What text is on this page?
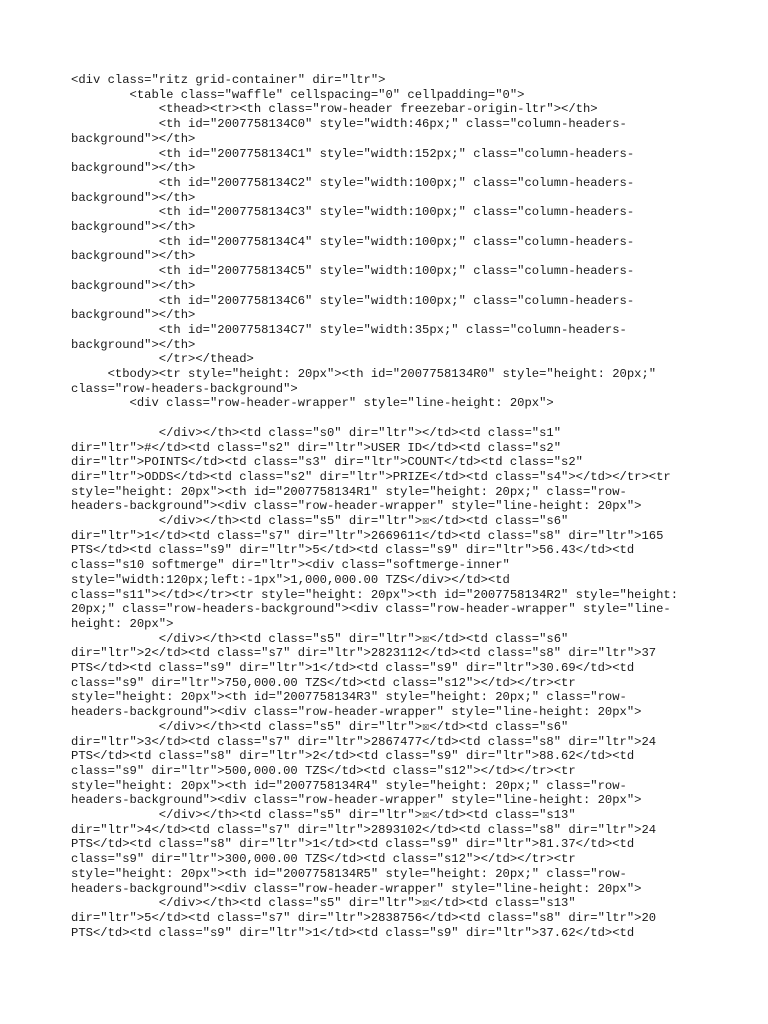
<div class="ritz grid-container" dir="ltr">
<table class="waffle" cellspacing="0" cellpadding="0">
<thead><tr><th class="row-header freezebar-origin-ltr"></th>
<th id="2007758134C0" style="width:46px;" class="column-headers-
background"></th>
<th id="2007758134C1" style="width:152px;" class="column-headers-
background"></th>
<th id="2007758134C2" style="width:100px;" class="column-headers-
background"></th>
<th id="2007758134C3" style="width:100px;" class="column-headers-
background"></th>
<th id="2007758134C4" style="width:100px;" class="column-headers-
background"></th>
<th id="2007758134C5" style="width:100px;" class="column-headers-
background"></th>
<th id="2007758134C6" style="width:100px;" class="column-headers-
background"></th>
<th id="2007758134C7" style="width:35px;" class="column-headers-
background"></th>
</tr></thead>
<tbody><tr style="height: 20px"><th id="2007758134R0" style="height: 20px;"
class="row-headers-background">
<div class="row-header-wrapper" style="line-height: 20px">
</div></th><td class="s0" dir="ltr"></td><td class="s1"
dir="ltr">#</td><td class="s2" dir="ltr">USER ID</td><td class="s2"
dir="ltr">POINTS</td><td class="s3" dir="ltr">COUNT</td><td class="s2"
dir="ltr">ODDS</td><td class="s2" dir="ltr">PRIZE</td><td class="s4"></td></tr><tr
style="height: 20px"><th id="2007758134R1" style="height: 20px;" class="row-
headers-background"><div class="row-header-wrapper" style="line-height: 20px">
</div></th><td class="s5" dir="ltr">☒</td><td class="s6"
dir="ltr">1</td><td class="s7" dir="ltr">2669611</td><td class="s8" dir="ltr">165
PTS</td><td class="s9" dir="ltr">5</td><td class="s9" dir="ltr">56.43</td><td
class="s10 softmerge" dir="ltr"><div class="softmerge-inner"
style="width:120px;left:-1px">1,000,000.00 TZS</div></td><td
class="s11"></td></tr><tr style="height: 20px"><th id="2007758134R2" style="height:
20px;" class="row-headers-background"><div class="row-header-wrapper" style="line-
height: 20px">
</div></th><td class="s5" dir="ltr">☒</td><td class="s6"
dir="ltr">2</td><td class="s7" dir="ltr">2823112</td><td class="s8" dir="ltr">37
PTS</td><td class="s9" dir="ltr">1</td><td class="s9" dir="ltr">30.69</td><td
class="s9" dir="ltr">750,000.00 TZS</td><td class="s12"></td></tr><tr
style="height: 20px"><th id="2007758134R3" style="height: 20px;" class="row-
headers-background"><div class="row-header-wrapper" style="line-height: 20px">
</div></th><td class="s5" dir="ltr">☒</td><td class="s6"
dir="ltr">3</td><td class="s7" dir="ltr">2867477</td><td class="s8" dir="ltr">24
PTS</td><td class="s8" dir="ltr">2</td><td class="s9" dir="ltr">88.62</td><td
class="s9" dir="ltr">500,000.00 TZS</td><td class="s12"></td></tr><tr
style="height: 20px"><th id="2007758134R4" style="height: 20px;" class="row-
headers-background"><div class="row-header-wrapper" style="line-height: 20px">
</div></th><td class="s5" dir="ltr">☒</td><td class="s13"
dir="ltr">4</td><td class="s7" dir="ltr">2893102</td><td class="s8" dir="ltr">24
PTS</td><td class="s8" dir="ltr">1</td><td class="s9" dir="ltr">81.37</td><td
class="s9" dir="ltr">300,000.00 TZS</td><td class="s12"></td></tr><tr
style="height: 20px"><th id="2007758134R5" style="height: 20px;" class="row-
headers-background"><div class="row-header-wrapper" style="line-height: 20px">
</div></th><td class="s5" dir="ltr">☒</td><td class="s13"
dir="ltr">5</td><td class="s7" dir="ltr">2838756</td><td class="s8" dir="ltr">20
PTS</td><td class="s9" dir="ltr">1</td><td class="s9" dir="ltr">37.62</td><td
